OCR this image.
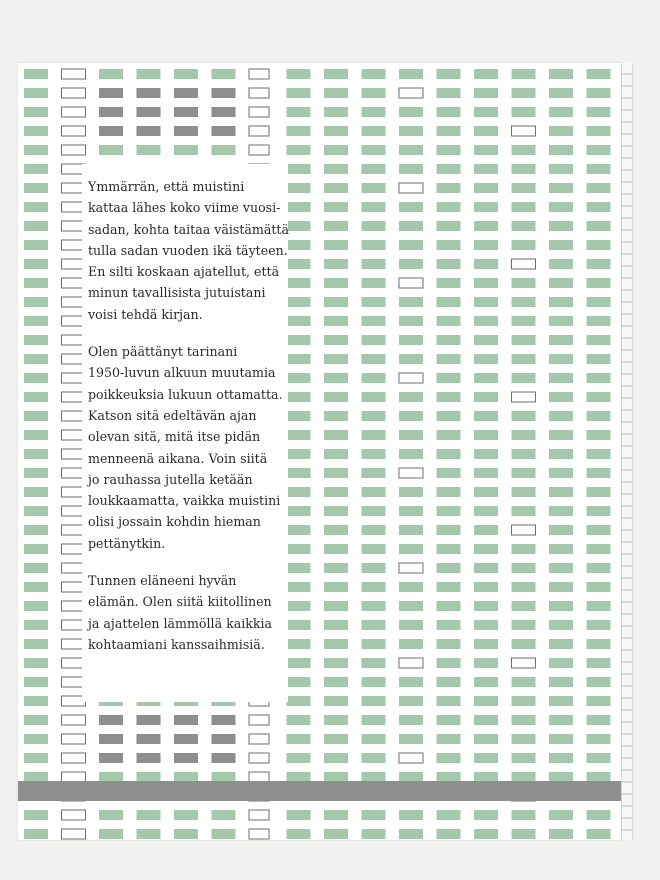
Ymmärrän, että muistini
kattaa lähes koko viime vuosi-
sadan, kohta taitaa väistämättä
tulla sadan vuoden ikä täyteen.
En silti koskaan ajatellut, että
minun tavallisista jutuistani
voisi tehdä kirjan.

Olen päättänyt tarinani
1950-luvun alkuun muutamia
poikkeuksia lukuun ottamatta.
Katson sitä edeltävän ajan
olevan sitä, mitä itse pidän
menneenä aikana. Voin siitä
jo rauhassa jutella ketään
loukkaamatta, vaikka muistini
olisi jossain kohdin hieman
pettänytkin.

Tunnen eläneeni hyvän
elämän. Olen siitä kiitollinen
ja ajattelen lämmöllä kaikkia
kohtaamiani kanssaihmisiä.
